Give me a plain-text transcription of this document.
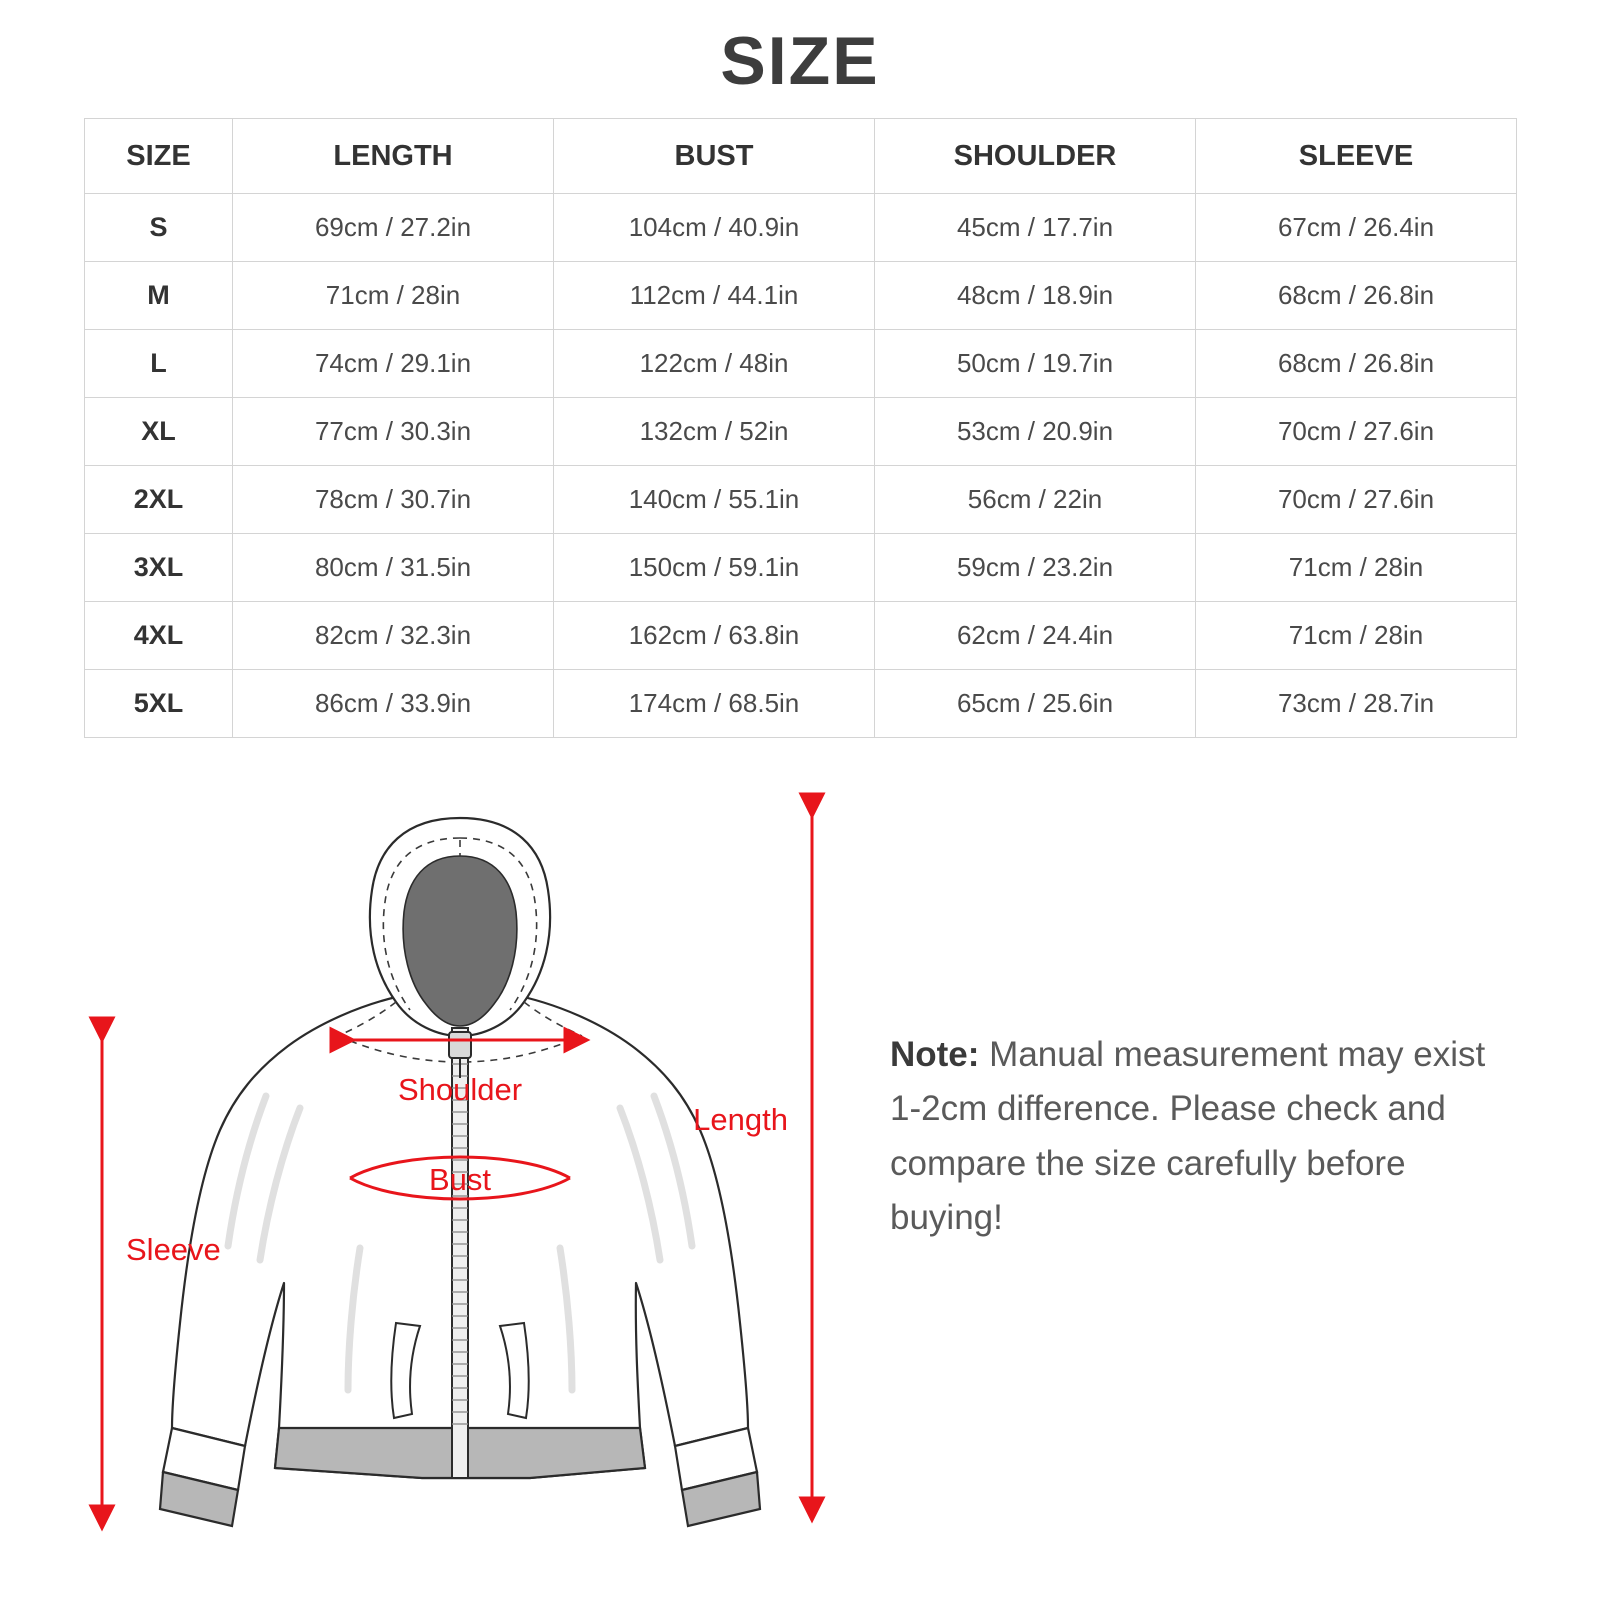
SIZE
SIZE	LENGTH	BUST	SHOULDER	SLEEVE
S	69cm / 27.2in	104cm / 40.9in	45cm / 17.7in	67cm / 26.4in
M	71cm / 28in	112cm / 44.1in	48cm / 18.9in	68cm / 26.8in
L	74cm / 29.1in	122cm / 48in	50cm / 19.7in	68cm / 26.8in
XL	77cm / 30.3in	132cm / 52in	53cm / 20.9in	70cm / 27.6in
2XL	78cm / 30.7in	140cm / 55.1in	56cm / 22in	70cm / 27.6in
3XL	80cm / 31.5in	150cm / 59.1in	59cm / 23.2in	71cm / 28in
4XL	82cm / 32.3in	162cm / 63.8in	62cm / 24.4in	71cm / 28in
5XL	86cm / 33.9in	174cm / 68.5in	65cm / 25.6in	73cm / 28.7in
Shoulder
Bust
Length
Sleeve
Note: Manual measurement may exist 1-2cm difference. Please check and compare the size carefully before buying!
